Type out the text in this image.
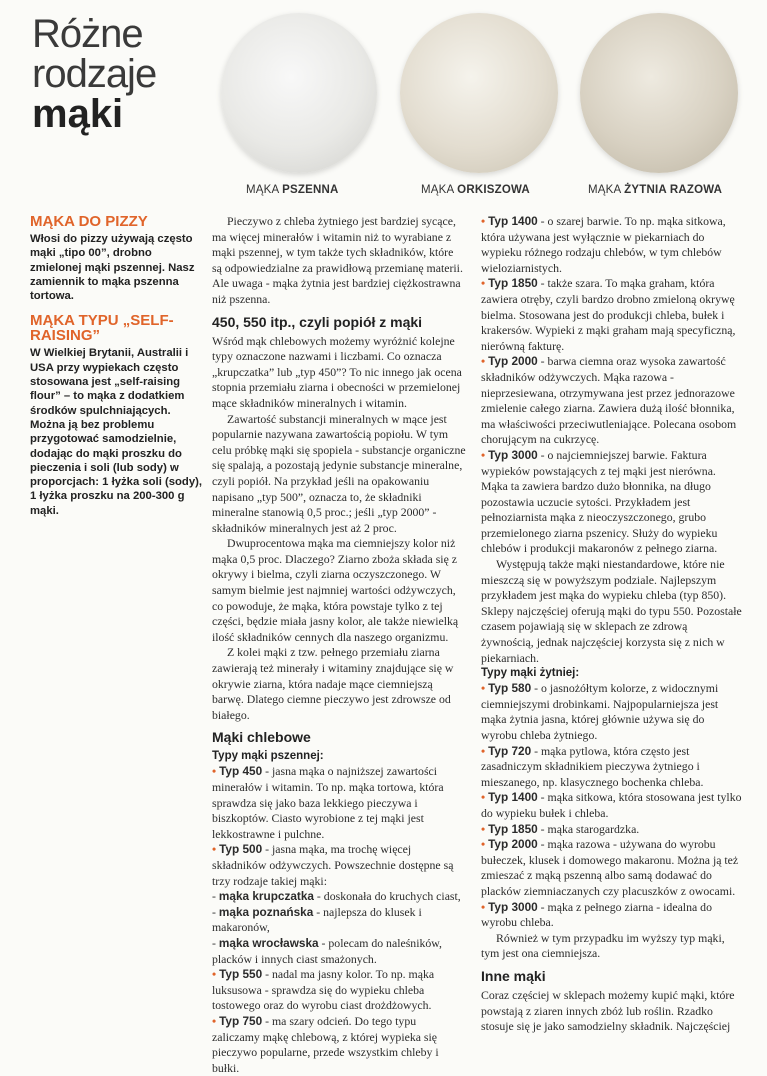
Różne
rodzaje
mąki
MĄKA PSZENNA	MĄKA ORKISZOWA	MĄKA ŻYTNIA RAZOWA
MĄKA DO PIZZY
Włosi do pizzy używają często mąki „tipo 00”, drobno zmielonej mąki pszennej. Nasz zamiennik to mąka pszenna tortowa.
MĄKA TYPU „SELF-RAISING”
W Wielkiej Brytanii, Australii i USA przy wypiekach często stosowana jest „self-raising flour” – to mąka z dodatkiem środków spulchniających. Można ją bez problemu przygotować samodzielnie, dodając do mąki proszku do pieczenia i soli (lub sody) w proporcjach: 1 łyżka soli (sody), 1 łyżka proszku na 200-300 g mąki.

Pieczywo z chleba żytniego jest bardziej sycące, ma więcej minerałów i witamin niż to wyrabiane z mąki pszennej, w tym także tych składników, które są odpowiedzialne za prawidłową przemianę materii. Ale uwaga - mąka żytnia jest bardziej ciężkostrawna niż pszenna.

450, 550 itp., czyli popiół z mąki

Wśród mąk chlebowych możemy wyróżnić kolejne typy oznaczone nazwami i liczbami. Co oznacza „krupczatka” lub „typ 450”? To nic innego jak ocena stopnia przemiału ziarna i obecności w przemielonej mące składników mineralnych i witamin.

Zawartość substancji mineralnych w mące jest popularnie nazywana zawartością popiołu. W tym celu próbkę mąki się spopiela - substancje organiczne się spalają, a pozostają jedynie substancje mineralne, czyli popiół. Na przykład jeśli na opakowaniu napisano „typ 500”, oznacza to, że składniki mineralne stanowią 0,5 proc.; jeśli „typ 2000” - składników mineralnych jest aż 2 proc.

Dwuprocentowa mąka ma ciemniejszy kolor niż mąka 0,5 proc. Dlaczego? Ziarno zboża składa się z okrywy i bielma, czyli ziarna oczyszczonego. W samym bielmie jest najmniej wartości odżywczych, co powoduje, że mąka, która powstaje tylko z tej części, będzie miała jasny kolor, ale także niewielką ilość składników cennych dla naszego organizmu.

Z kolei mąki z tzw. pełnego przemiału ziarna zawierają też minerały i witaminy znajdujące się w okrywie ziarna, która nadaje mące ciemniejszą barwę. Dlatego ciemne pieczywo jest zdrowsze od białego.

Mąki chlebowe
Typy mąki pszennej:

• Typ 450 - jasna mąka o najniższej zawartości minerałów i witamin. To np. mąka tortowa, która sprawdza się jako baza lekkiego pieczywa i biszkoptów. Ciasto wyrobione z tej mąki jest lekkostrawne i pulchne.

• Typ 500 - jasna mąka, ma trochę więcej składników odżywczych. Powszechnie dostępne są trzy rodzaje takiej mąki:

- mąka krupczatka - doskonała do kruchych ciast,

- mąka poznańska - najlepsza do klusek i makaronów,

- mąka wrocławska - polecam do naleśników, placków i innych ciast smażonych.

• Typ 550 - nadal ma jasny kolor. To np. mąka luksusowa - sprawdza się do wypieku chleba tostowego oraz do wyrobu ciast drożdżowych.

• Typ 750 - ma szary odcień. Do tego typu zaliczamy mąkę chlebową, z której wypieka się pieczywo popularne, przede wszystkim chleby i bułki.

• Typ 1400 - o szarej barwie. To np. mąka sitkowa, która używana jest wyłącznie w piekarniach do wypieku różnego rodzaju chlebów, w tym chlebów wieloziarnistych.

• Typ 1850 - także szara. To mąka graham, która zawiera otręby, czyli bardzo drobno zmieloną okrywę bielma. Stosowana jest do produkcji chleba, bułek i krakersów. Wypieki z mąki graham mają specyficzną, nierówną fakturę.

• Typ 2000 - barwa ciemna oraz wysoka zawartość składników odżywczych. Mąka razowa - nieprzesiewana, otrzymywana jest przez jednorazowe zmielenie całego ziarna. Zawiera dużą ilość błonnika, ma właściwości przeciwutleniające. Polecana osobom chorującym na cukrzycę.

• Typ 3000 - o najciemniejszej barwie. Faktura wypieków powstających z tej mąki jest nierówna. Mąka ta zawiera bardzo dużo błonnika, na długo pozostawia uczucie sytości. Przykładem jest pełnoziarnista mąka z nieoczyszczonego, grubo przemielonego ziarna pszenicy. Służy do wypieku chlebów i produkcji makaronów z pełnego ziarna.

Występują także mąki niestandardowe, które nie mieszczą się w powyższym podziale. Najlepszym przykładem jest mąka do wypieku chleba (typ 850). Sklepy najczęściej oferują mąki do typu 550. Pozostałe czasem pojawiają się w sklepach ze zdrową żywnością, jednak najczęściej korzysta się z nich w piekarniach.

Typy mąki żytniej:

• Typ 580 - o jasnożółtym kolorze, z widocznymi ciemniejszymi drobinkami. Najpopularniejsza jest mąka żytnia jasna, której głównie używa się do wyrobu chleba żytniego.

• Typ 720 - mąka pytlowa, która często jest zasadniczym składnikiem pieczywa żytniego i mieszanego, np. klasycznego bochenka chleba.

• Typ 1400 - mąka sitkowa, która stosowana jest tylko do wypieku bułek i chleba.

• Typ 1850 - mąka starogardzka.

• Typ 2000 - mąka razowa - używana do wyrobu bułeczek, klusek i domowego makaronu. Można ją też zmieszać z mąką pszenną albo samą dodawać do placków ziemniaczanych czy placuszków z owocami.

• Typ 3000 - mąka z pełnego ziarna - idealna do wyrobu chleba.

Również w tym przypadku im wyższy typ mąki, tym jest ona ciemniejsza.

Inne mąki

Coraz częściej w sklepach możemy kupić mąki, które powstają z ziaren innych zbóż lub roślin. Rzadko stosuje się je jako samodzielny składnik. Najczęściej
